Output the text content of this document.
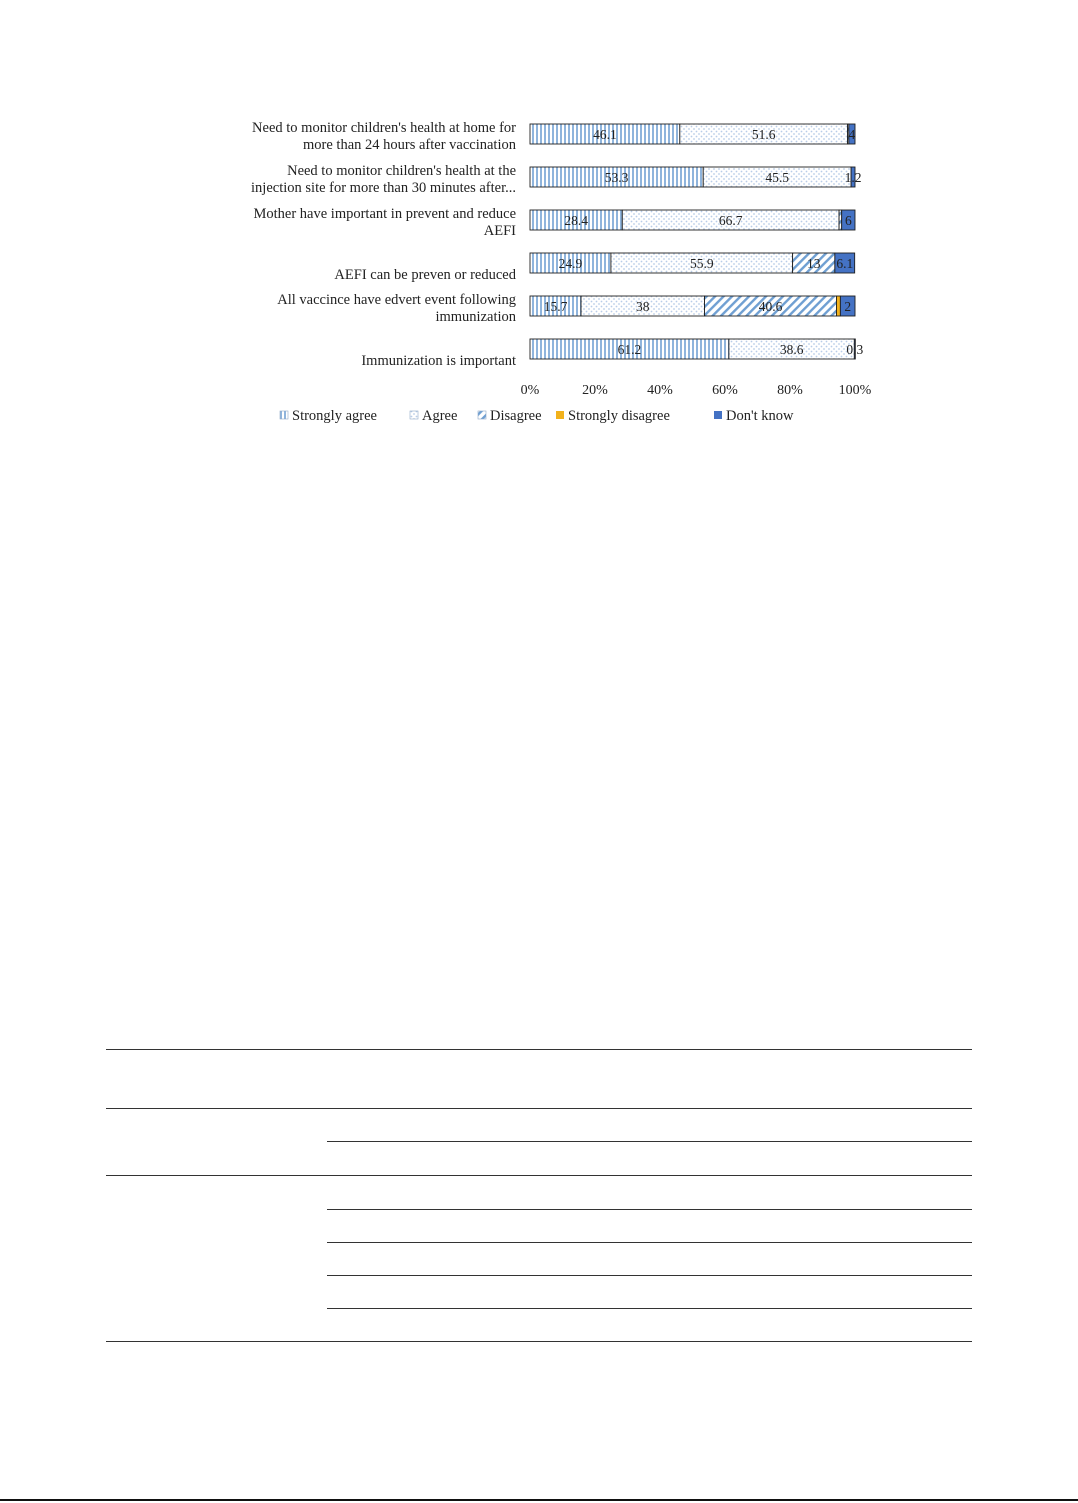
Need to monitor children's health at home for more than 24 hours after vaccination
Need to monitor children's health at the injection site for more than 30 minutes after...
Mother have important in prevent and reduce AEFI
AEFI can be preven or reduced
All vaccince have edvert event following immunization
Immunization is important
46.1	51.6	4
53.3	45.5	1.2
28.4	66.7	6
24.9	55.9	13 6.1
15.7	38	40.6	2
61.2	38.6	0.3
0%	20%	40%	60%	80%	100%
Strongly agree	Agree Disagree Strongly disagree	Don't know
